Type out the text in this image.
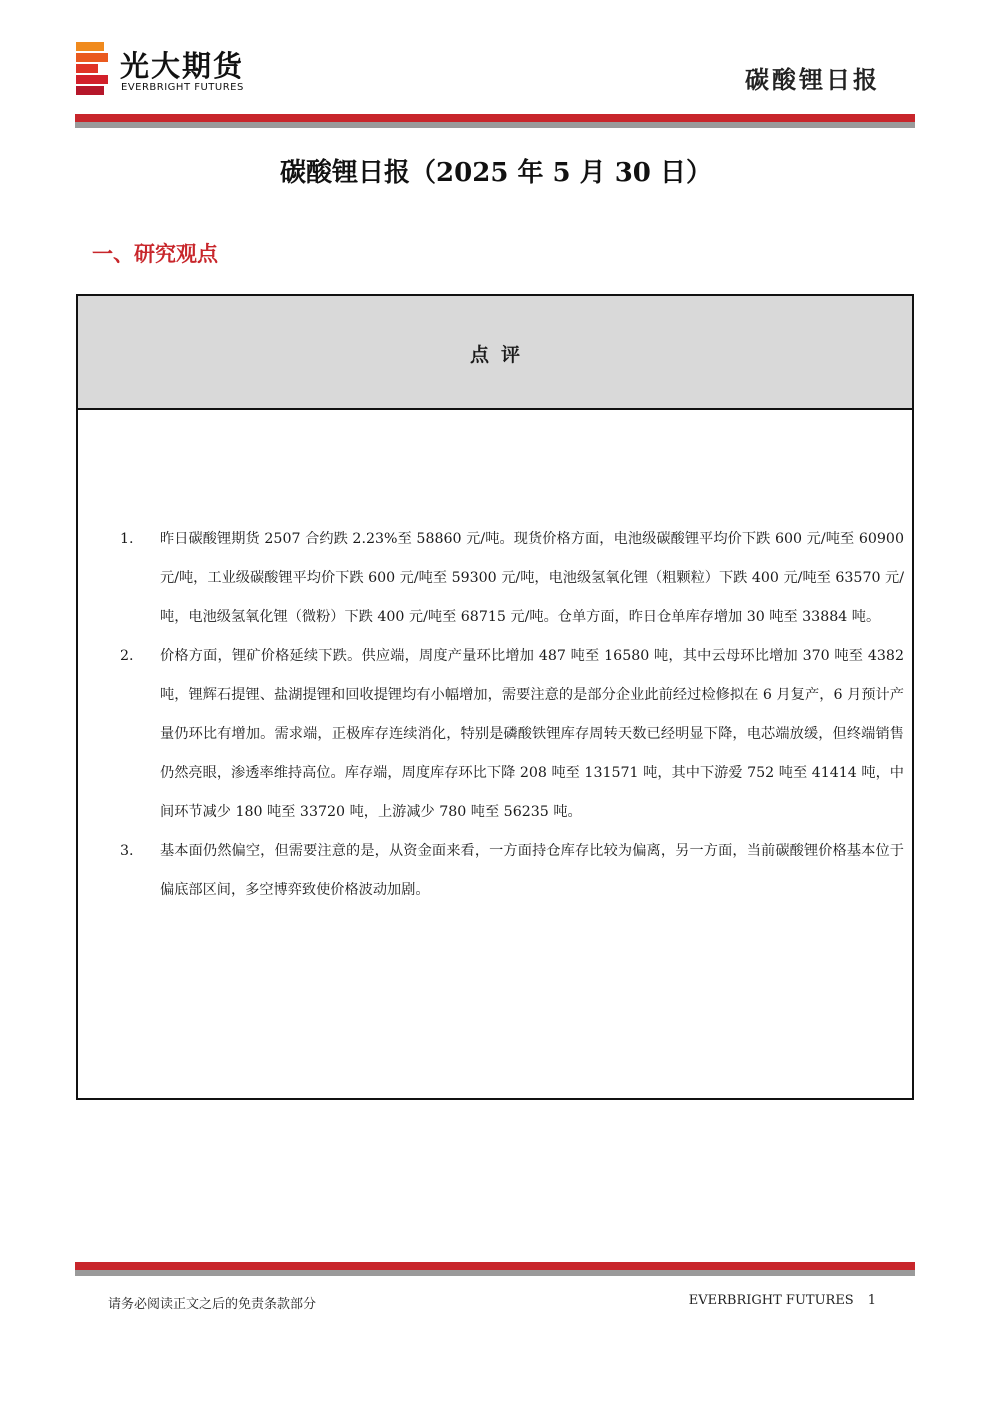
光大期货
EVERBRIGHT FUTURES	碳酸锂日报
碳酸锂日报（2025 年 5 月 30 日）
一、研究观点
点评
1.	昨日碳酸锂期货 2507 合约跌 2.23%至 58860 元/吨。现货价格方面，电池级碳酸锂平均价下跌 600 元/吨至 60900 元/吨，工业级碳酸锂平均价下跌 600 元/吨至 59300 元/吨，电池级氢氧化锂（粗颗粒）下跌 400 元/吨至 63570 元/吨，电池级氢氧化锂（微粉）下跌 400 元/吨至 68715 元/吨。仓单方面，昨日仓单库存增加 30 吨至 33884 吨。
2.	价格方面，锂矿价格延续下跌。供应端，周度产量环比增加 487 吨至 16580 吨，其中云母环比增加 370 吨至 4382 吨，锂辉石提锂、盐湖提锂和回收提锂均有小幅增加，需要注意的是部分企业此前经过检修拟在 6 月复产，6 月预计产量仍环比有增加。需求端，正极库存连续消化，特别是磷酸铁锂库存周转天数已经明显下降，电芯端放缓，但终端销售仍然亮眼，渗透率维持高位。库存端，周度库存环比下降 208 吨至 131571 吨，其中下游爱 752 吨至 41414 吨，中间环节减少 180 吨至 33720 吨，上游减少 780 吨至 56235 吨。
3.	基本面仍然偏空，但需要注意的是，从资金面来看，一方面持仓库存比较为偏离，另一方面，当前碳酸锂价格基本位于偏底部区间，多空博弈致使价格波动加剧。
请务必阅读正文之后的免责条款部分	EVERBRIGHT FUTURES 1
